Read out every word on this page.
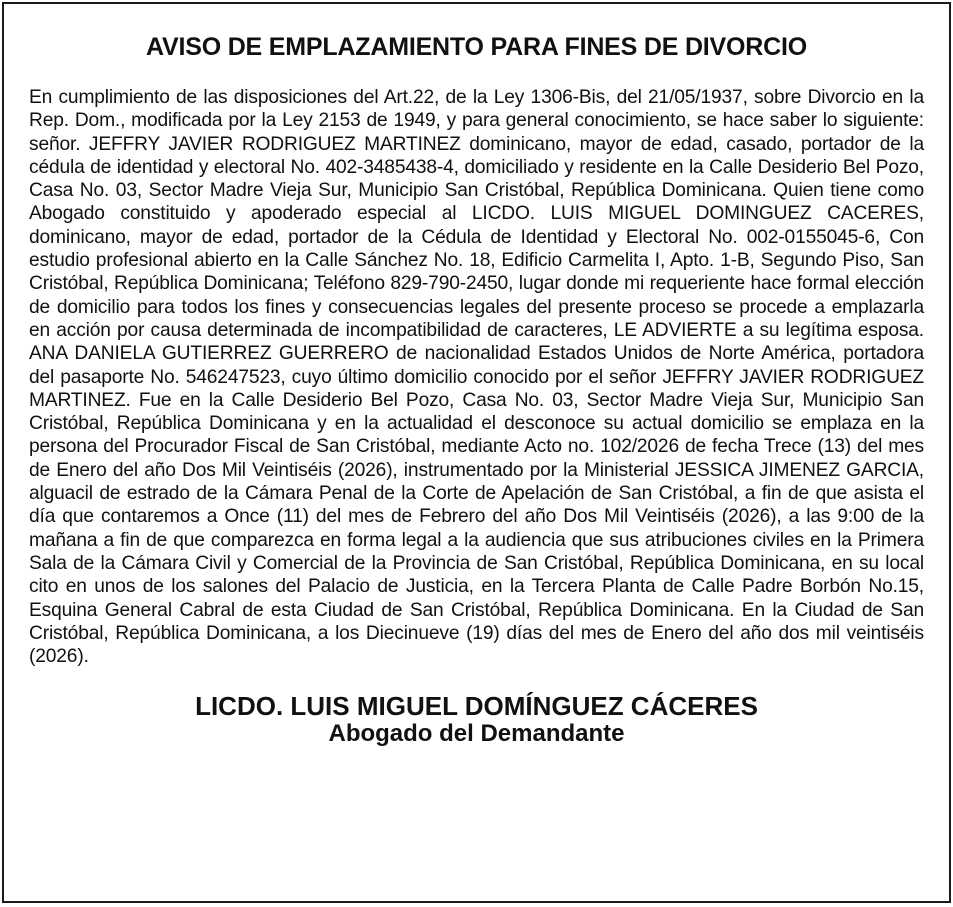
AVISO DE EMPLAZAMIENTO PARA FINES DE DIVORCIO

En cumplimiento de las disposiciones del Art.22, de la Ley 1306-Bis, del 21/05/1937, sobre Divorcio en la Rep. Dom., modificada por la Ley 2153 de 1949, y para general conocimiento, se hace saber lo siguiente: señor. JEFFRY JAVIER RODRIGUEZ MARTINEZ dominicano, mayor de edad, casado, portador de la cédula de identidad y electoral No. 402-3485438-4, domiciliado y residente en la Calle Desiderio Bel Pozo, Casa No. 03, Sector Madre Vieja Sur, Municipio San Cristóbal, República Dominicana. Quien tiene como Abogado constituido y apoderado especial al LICDO. LUIS MIGUEL DOMINGUEZ CACERES, dominicano, mayor de edad, portador de la Cédula de Identidad y Electoral No. 002-0155045-6, Con estudio profesional abierto en la Calle Sánchez No. 18, Edificio Carmelita I, Apto. 1-B, Segundo Piso, San Cristóbal, República Dominicana; Teléfono 829-790-2450, lugar donde mi requeriente hace formal elección de domicilio para todos los fines y consecuencias legales del presente proceso se procede a emplazarla en acción por causa determinada de incompatibilidad de caracteres, LE ADVIERTE a su legítima esposa. ANA DANIELA GUTIERREZ GUERRERO de nacionalidad Estados Unidos de Norte América, portadora del pasaporte No. 546247523, cuyo último domicilio conocido por el señor JEFFRY JAVIER RODRIGUEZ MARTINEZ. Fue en la Calle Desiderio Bel Pozo, Casa No. 03, Sector Madre Vieja Sur, Municipio San Cristóbal, República Dominicana y en la actualidad el desconoce su actual domicilio se emplaza en la persona del Procurador Fiscal de San Cristóbal, mediante Acto no. 102/2026 de fecha Trece (13) del mes de Enero del año Dos Mil Veintiséis (2026), instrumentado por la Ministerial JESSICA JIMENEZ GARCIA, alguacil de estrado de la Cámara Penal de la Corte de Apelación de San Cristóbal, a fin de que asista el día que contaremos a Once (11) del mes de Febrero del año Dos Mil Veintiséis (2026), a las 9:00 de la mañana a fin de que comparezca en forma legal a la audiencia que sus atribuciones civiles en la Primera Sala de la Cámara Civil y Comercial de la Provincia de San Cristóbal, República Dominicana, en su local cito en unos de los salones del Palacio de Justicia, en la Tercera Planta de Calle Padre Borbón No.15, Esquina General Cabral de esta Ciudad de San Cristóbal, República Dominicana. En la Ciudad de San Cristóbal, República Dominicana, a los Diecinueve (19) días del mes de Enero del año dos mil veintiséis (2026).

LICDO. LUIS MIGUEL DOMÍNGUEZ CÁCERES
Abogado del Demandante
